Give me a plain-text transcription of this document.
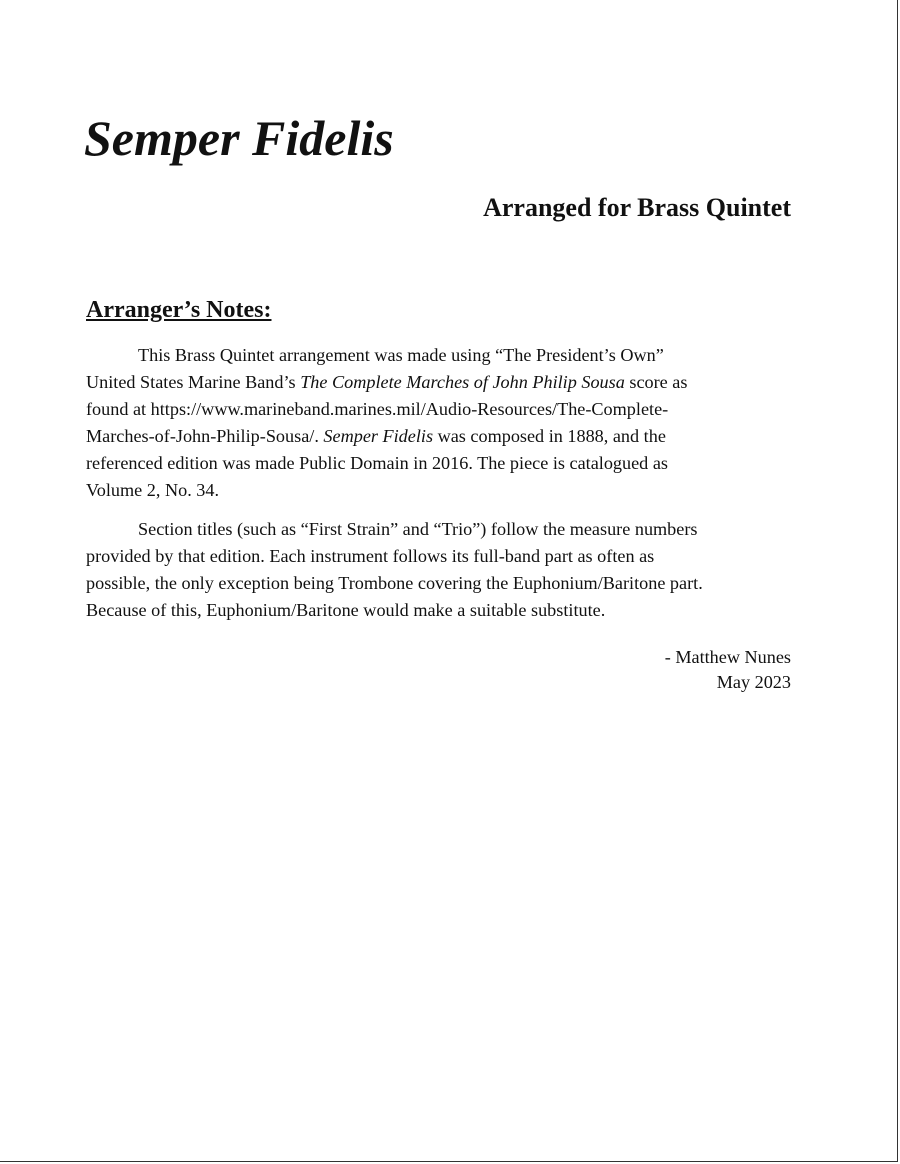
Semper Fidelis
Arranged for Brass Quintet
Arranger’s Notes:
This Brass Quintet arrangement was made using “The President’s Own”
United States Marine Band’s The Complete Marches of John Philip Sousa score as
found at https://www.marineband.marines.mil/Audio-Resources/The-Complete-
Marches-of-John-Philip-Sousa/. Semper Fidelis was composed in 1888, and the
referenced edition was made Public Domain in 2016. The piece is catalogued as
Volume 2, No. 34.
Section titles (such as “First Strain” and “Trio”) follow the measure numbers
provided by that edition. Each instrument follows its full-band part as often as
possible, the only exception being Trombone covering the Euphonium/Baritone part.
Because of this, Euphonium/Baritone would make a suitable substitute.
- Matthew Nunes
May 2023
